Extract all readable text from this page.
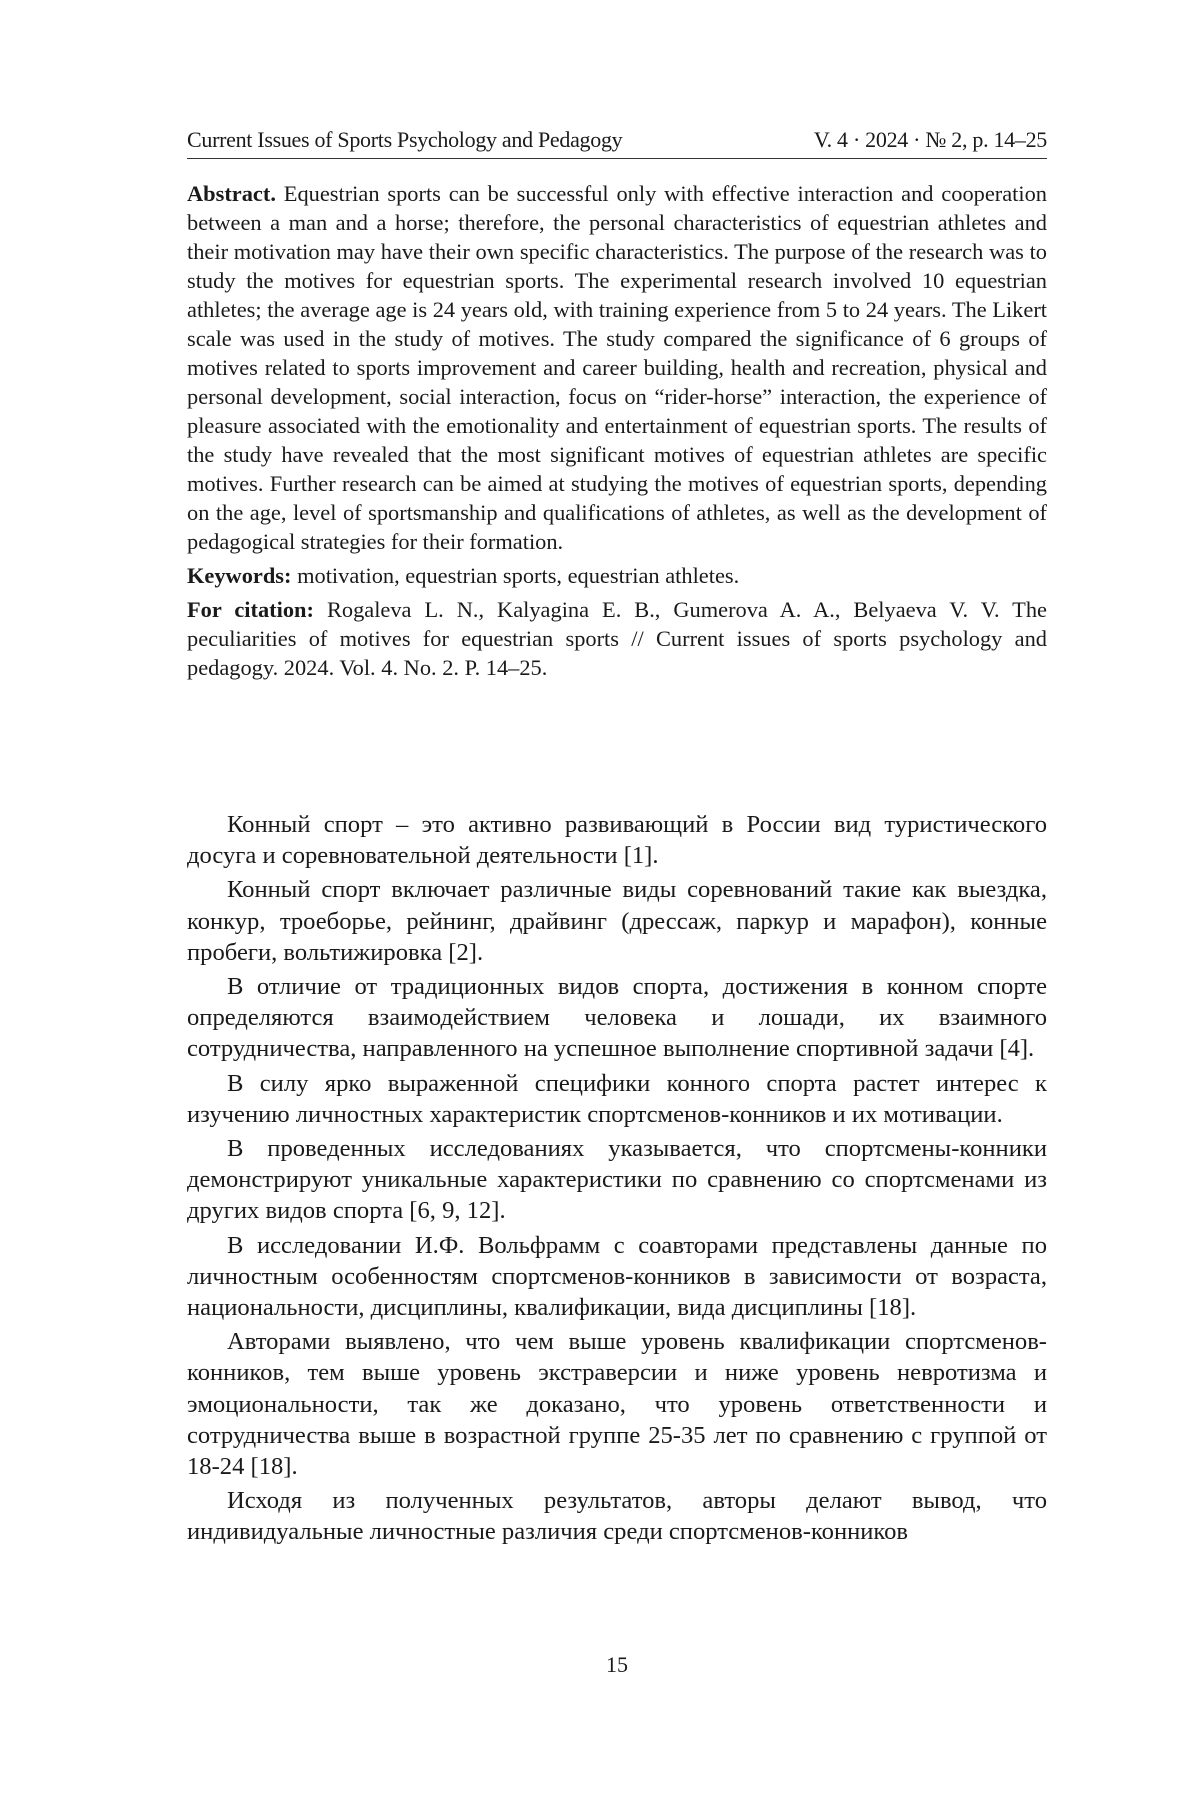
Current Issues of Sports Psychology and Pedagogy	V. 4 · 2024 · № 2, p. 14–25

Abstract. Equestrian sports can be successful only with effective interaction and cooperation between a man and a horse; therefore, the personal characteristics of equestrian athletes and their motivation may have their own specific characteristics. The purpose of the research was to study the motives for equestrian sports. The experimental research involved 10 equestrian athletes; the average age is 24 years old, with training experience from 5 to 24 years. The Likert scale was used in the study of motives. The study compared the significance of 6 groups of motives related to sports improvement and career building, health and recreation, physical and personal development, social interaction, focus on “rider-horse” interaction, the experience of pleasure associated with the emotionality and entertainment of equestrian sports. The results of the study have revealed that the most significant motives of equestrian athletes are specific motives. Further research can be aimed at studying the motives of equestrian sports, depending on the age, level of sportsmanship and qualifications of athletes, as well as the development of pedagogical strategies for their formation.

Keywords: motivation, equestrian sports, equestrian athletes.

For citation: Rogaleva L. N., Kalyagina E. B., Gumerova A. A., Belyaeva V. V. The peculiarities of motives for equestrian sports // Current issues of sports psychology and pedagogy. 2024. Vol. 4. No. 2. P. 14–25.

Конный спорт – это активно развивающий в России вид туристического досуга и соревновательной деятельности [1].

Конный спорт включает различные виды соревнований такие как выездка, конкур, троеборье, рейнинг, драйвинг (дрессаж, паркур и марафон), конные пробеги, вольтижировка [2].

В отличие от традиционных видов спорта, достижения в конном спорте определяются взаимодействием человека и лошади, их взаимного сотрудничества, направленного на успешное выполнение спортивной задачи [4].

В силу ярко выраженной специфики конного спорта растет интерес к изучению личностных характеристик спортсменов-конников и их мотивации.

В проведенных исследованиях указывается, что спортсмены-конники демонстрируют уникальные характеристики по сравнению со спортсменами из других видов спорта [6, 9, 12].

В исследовании И.Ф. Вольфрамм с соавторами представлены данные по личностным особенностям спортсменов-конников в зависимости от возраста, национальности, дисциплины, квалификации, вида дисциплины [18].

Авторами выявлено, что чем выше уровень квалификации спортсменов-конников, тем выше уровень экстраверсии и ниже уровень невротизма и эмоциональности, так же доказано, что уровень ответственности и сотрудничества выше в возрастной группе 25-35 лет по сравнению с группой от 18-24 [18].

Исходя из полученных результатов, авторы делают вывод, что индивидуальные личностные различия среди спортсменов-конников

15
